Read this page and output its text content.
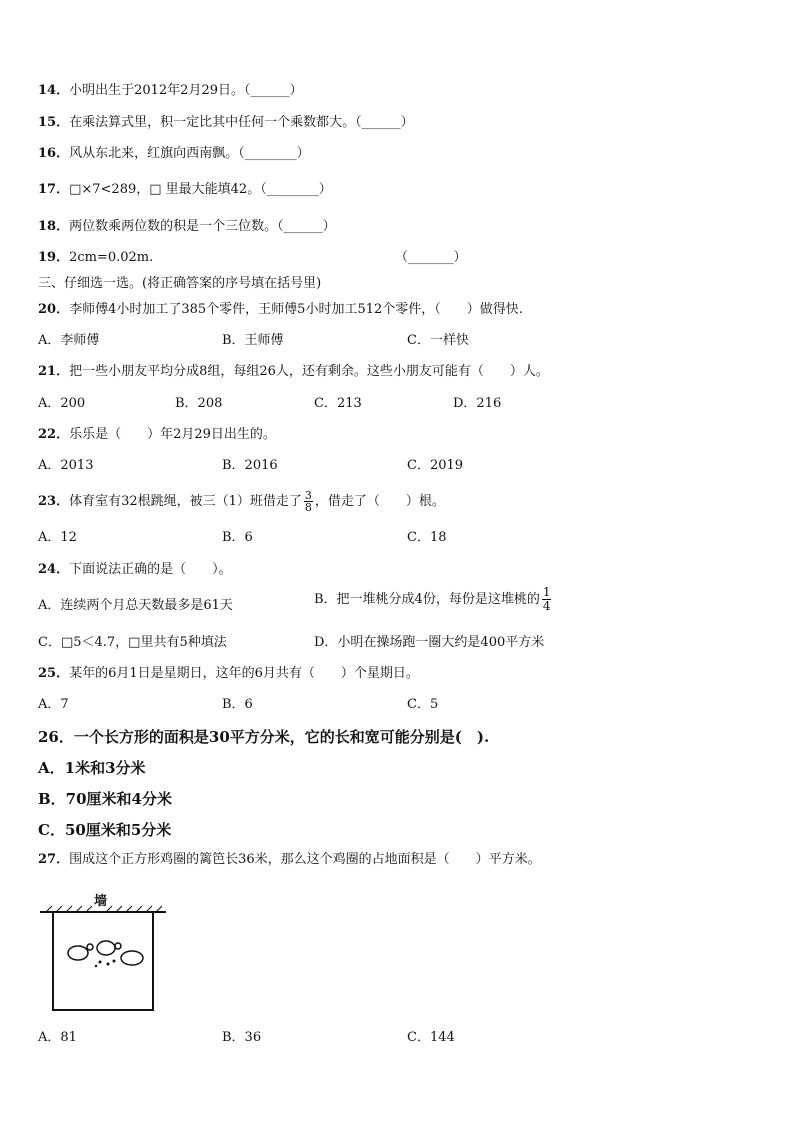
14．小明出生于2012年2月29日。（______）
15．在乘法算式里，积一定比其中任何一个乘数都大。（______）
16．风从东北来，红旗向西南飘。（________）
17．□×7<289，□ 里最大能填42。（________）
18．两位数乘两位数的积是一个三位数。（______）
19．2cm=0.02m.	（_______）
三、仔细选一选。(将正确答案的序号填在括号里)
20．李师傅4小时加工了385个零件，王师傅5小时加工512个零件，（　　）做得快.
A．李师傅	B．王师傅	C．一样快
21．把一些小朋友平均分成8组，每组26人，还有剩余。这些小朋友可能有（　　）人。
A．200	B．208	C．213	D．216
22．乐乐是（　　）年2月29日出生的。
A．2013	B．2016	C．2019
23．体育室有32根跳绳，被三（1）班借走了 $\frac{3}{8}$ ，借走了（　　）根。
A．12	B．6	C．18
24．下面说法正确的是（　　）。
A．连续两个月总天数最多是61天	B．把一堆桃分成4份，每份是这堆桃的 $\frac{1}{4}$
C．□5＜4.7，□里共有5种填法	D．小明在操场跑一圈大约是400平方米
25．某年的6月1日是星期日，这年的6月共有（　　）个星期日。
A．7	B．6	C．5
26．一个长方形的面积是30平方分米，它的长和宽可能分别是(　).
A．1米和3分米
B．70厘米和4分米
C．50厘米和5分米
27．围成这个正方形鸡圈的篱笆长36米，那么这个鸡圈的占地面积是（　　）平方米。
墙
A．81	B．36	C．144
